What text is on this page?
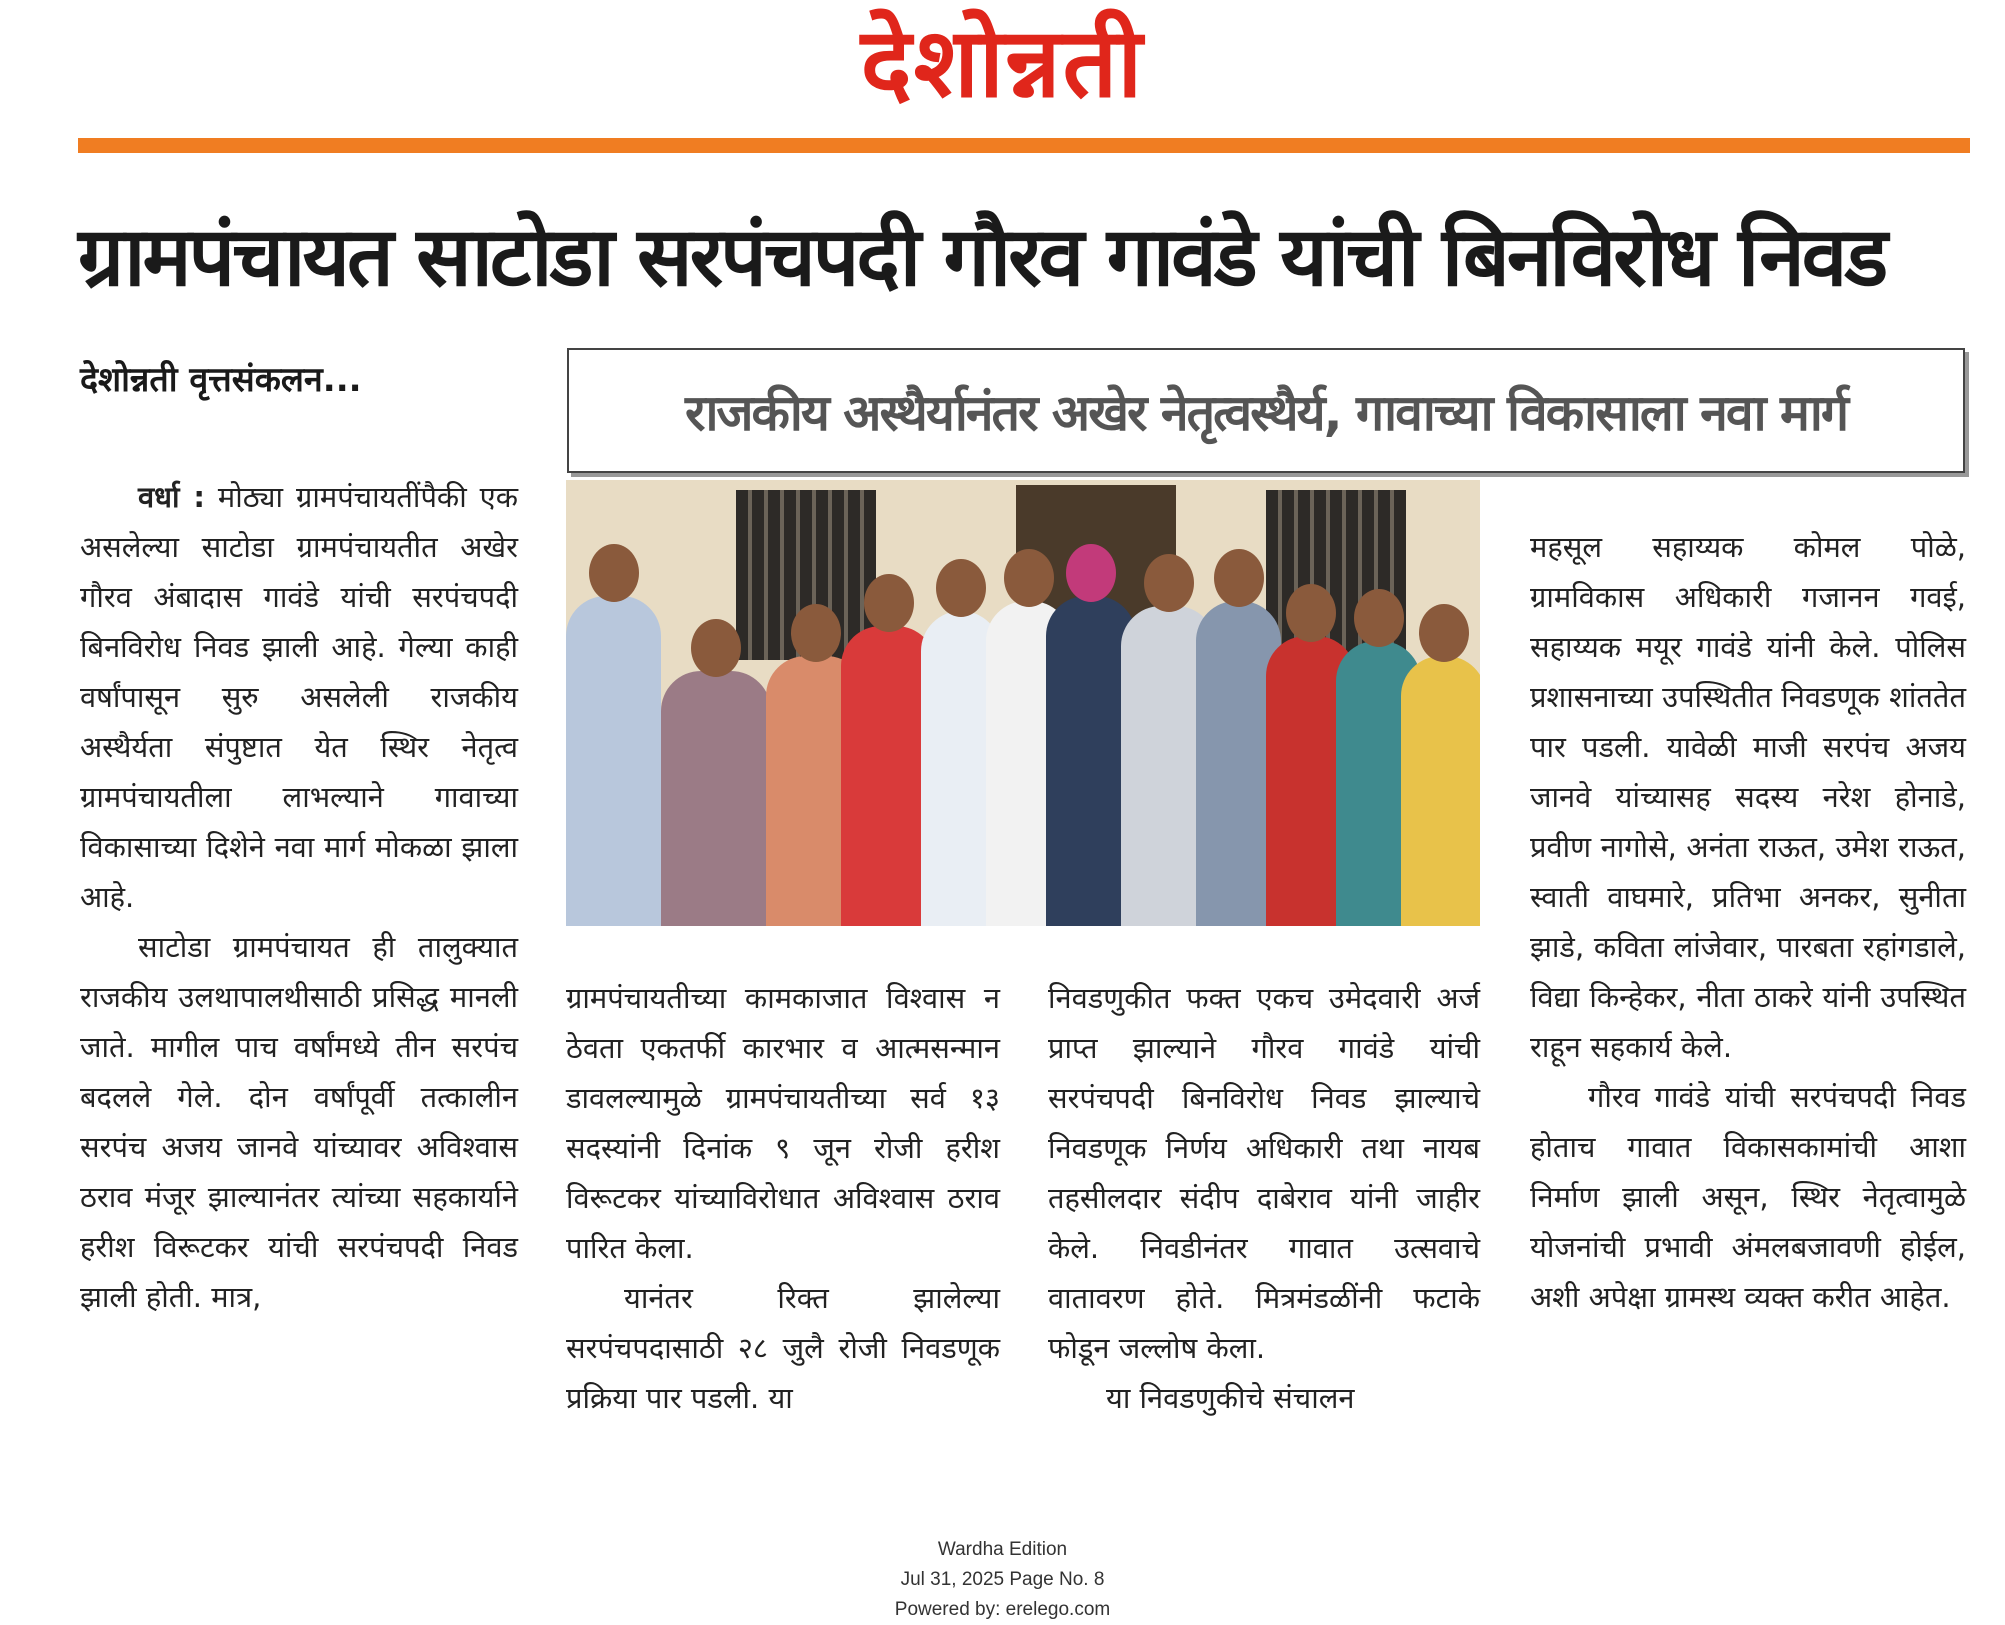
देशोन्नती
ग्रामपंचायत साटोडा सरपंचपदी गौरव गावंडे यांची बिनविरोध निवड
देशोन्नती वृत्तसंकलन...
राजकीय अस्थैर्यानंतर अखेर नेतृत्वस्थैर्य, गावाच्या विकासाला नवा मार्ग

वर्धा : मोठ्या ग्रामपंचायतींपैकी एक असलेल्या साटोडा ग्रामपंचायतीत अखेर गौरव अंबादास गावंडे यांची सरपंचपदी बिनविरोध निवड झाली आहे. गेल्या काही वर्षांपासून सुरु असलेली राजकीय अस्थैर्यता संपुष्टात येत स्थिर नेतृत्व ग्रामपंचायतीला लाभल्याने गावाच्या विकासाच्या दिशेने नवा मार्ग मोकळा झाला आहे.

साटोडा ग्रामपंचायत ही तालुक्यात राजकीय उलथापालथीसाठी प्रसिद्ध मानली जाते. मागील पाच वर्षांमध्ये तीन सरपंच बदलले गेले. दोन वर्षांपूर्वी तत्कालीन सरपंच अजय जानवे यांच्यावर अविश्वास ठराव मंजूर झाल्यानंतर त्यांच्या सहकार्याने हरीश विरूटकर यांची सरपंचपदी निवड झाली होती. मात्र,

ग्रामपंचायतीच्या कामकाजात विश्वास न ठेवता एकतर्फी कारभार व आत्मसन्मान डावलल्यामुळे ग्रामपंचायतीच्या सर्व १३ सदस्यांनी दिनांक ९ जून रोजी हरीश विरूटकर यांच्याविरोधात अविश्वास ठराव पारित केला.

यानंतर रिक्त झालेल्या सरपंचपदासाठी २८ जुलै रोजी निवडणूक प्रक्रिया पार पडली. या

निवडणुकीत फक्त एकच उमेदवारी अर्ज प्राप्त झाल्याने गौरव गावंडे यांची सरपंचपदी बिनविरोध निवड झाल्याचे निवडणूक निर्णय अधिकारी तथा नायब तहसीलदार संदीप दाबेराव यांनी जाहीर केले. निवडीनंतर गावात उत्सवाचे वातावरण होते. मित्रमंडळींनी फटाके फोडून जल्लोष केला.

या निवडणुकीचे संचालन

महसूल सहाय्यक कोमल पोळे, ग्रामविकास अधिकारी गजानन गवई, सहाय्यक मयूर गावंडे यांनी केले. पोलिस प्रशासनाच्या उपस्थितीत निवडणूक शांततेत पार पडली. यावेळी माजी सरपंच अजय जानवे यांच्यासह सदस्य नरेश होनाडे, प्रवीण नागोसे, अनंता राऊत, उमेश राऊत, स्वाती वाघमारे, प्रतिभा अनकर, सुनीता झाडे, कविता लांजेवार, पारबता रहांगडाले, विद्या किन्हेकर, नीता ठाकरे यांनी उपस्थित राहून सहकार्य केले.

गौरव गावंडे यांची सरपंचपदी निवड होताच गावात विकासकामांची आशा निर्माण झाली असून, स्थिर नेतृत्वामुळे योजनांची प्रभावी अंमलबजावणी होईल, अशी अपेक्षा ग्रामस्थ व्यक्त करीत आहेत.

Wardha Edition
Jul 31, 2025 Page No. 8
Powered by: erelego.com
